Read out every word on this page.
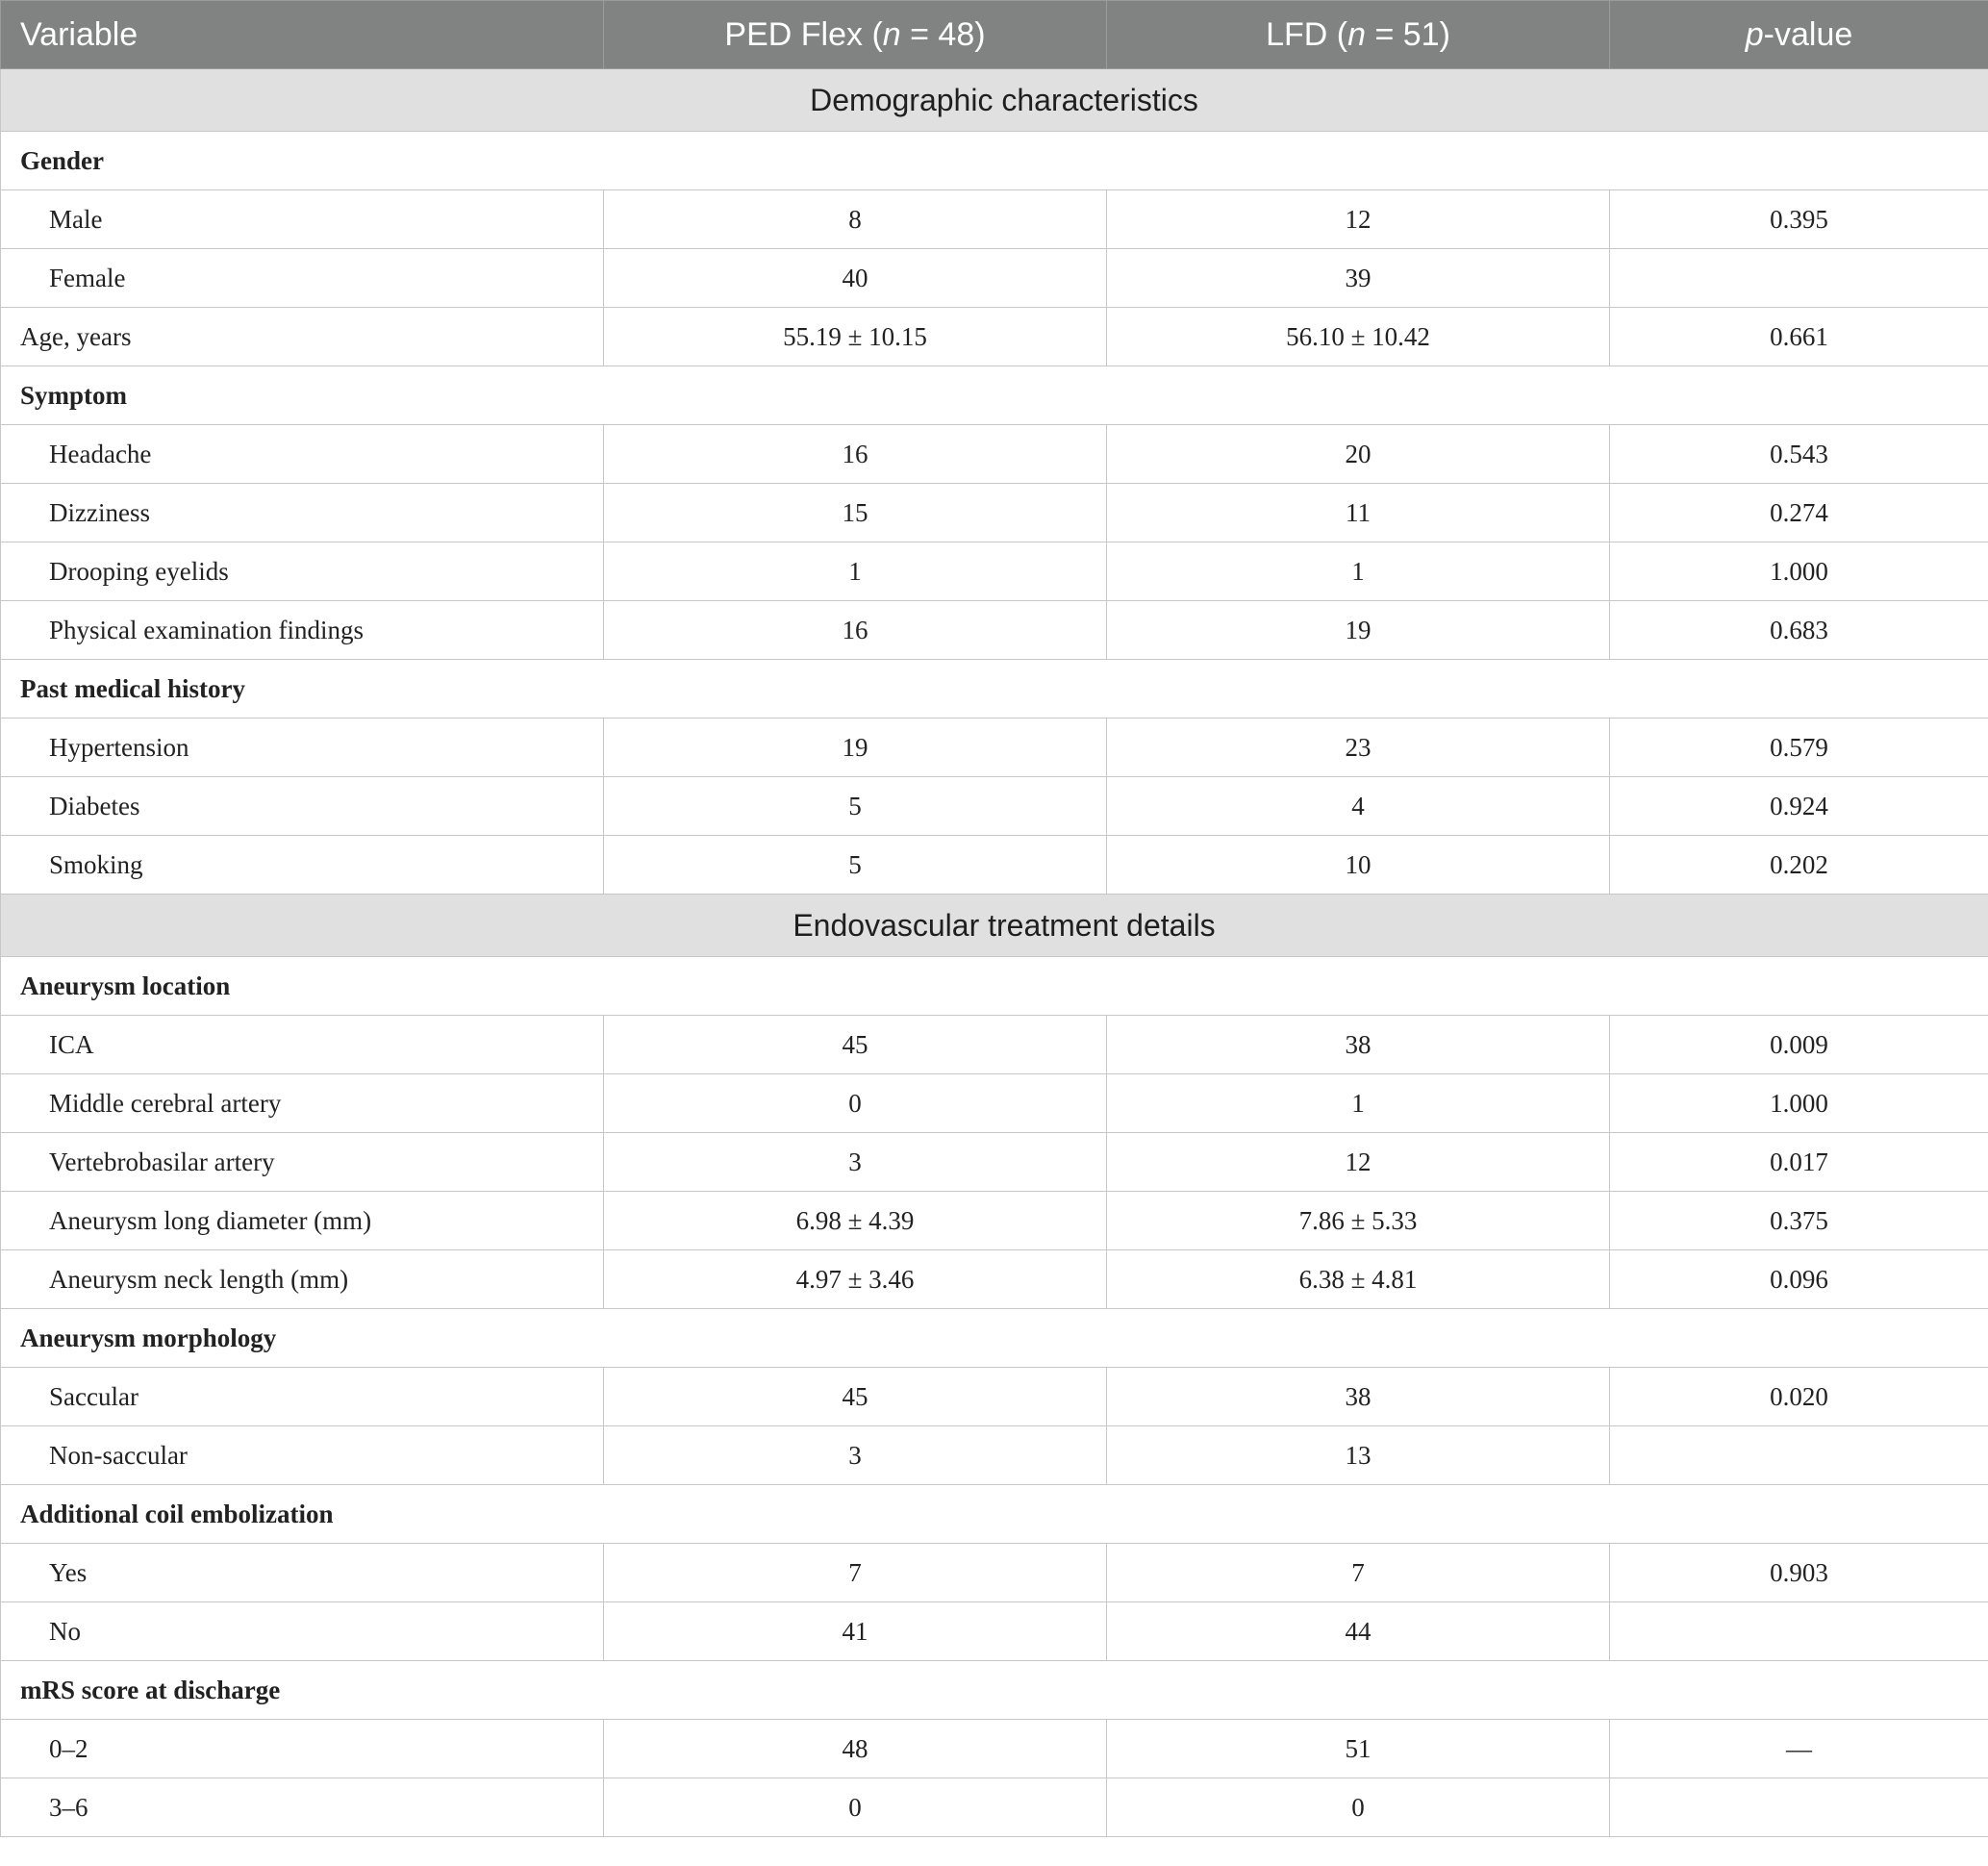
Variable	PED Flex (n = 48)	LFD (n = 51)	p-value
Demographic characteristics			
Gender			
Male	8	12	0.395
Female	40	39	
Age, years	55.19 ± 10.15	56.10 ± 10.42	0.661
Symptom			
Headache	16	20	0.543
Dizziness	15	11	0.274
Drooping eyelids	1	1	1.000
Physical examination findings	16	19	0.683
Past medical history			
Hypertension	19	23	0.579
Diabetes	5	4	0.924
Smoking	5	10	0.202
Endovascular treatment details			
Aneurysm location			
ICA	45	38	0.009
Middle cerebral artery	0	1	1.000
Vertebrobasilar artery	3	12	0.017
Aneurysm long diameter (mm)	6.98 ± 4.39	7.86 ± 5.33	0.375
Aneurysm neck length (mm)	4.97 ± 3.46	6.38 ± 4.81	0.096
Aneurysm morphology			
Saccular	45	38	0.020
Non-saccular	3	13	
Additional coil embolization			
Yes	7	7	0.903
No	41	44	
mRS score at discharge			
0–2	48	51	—
3–6	0	0	
